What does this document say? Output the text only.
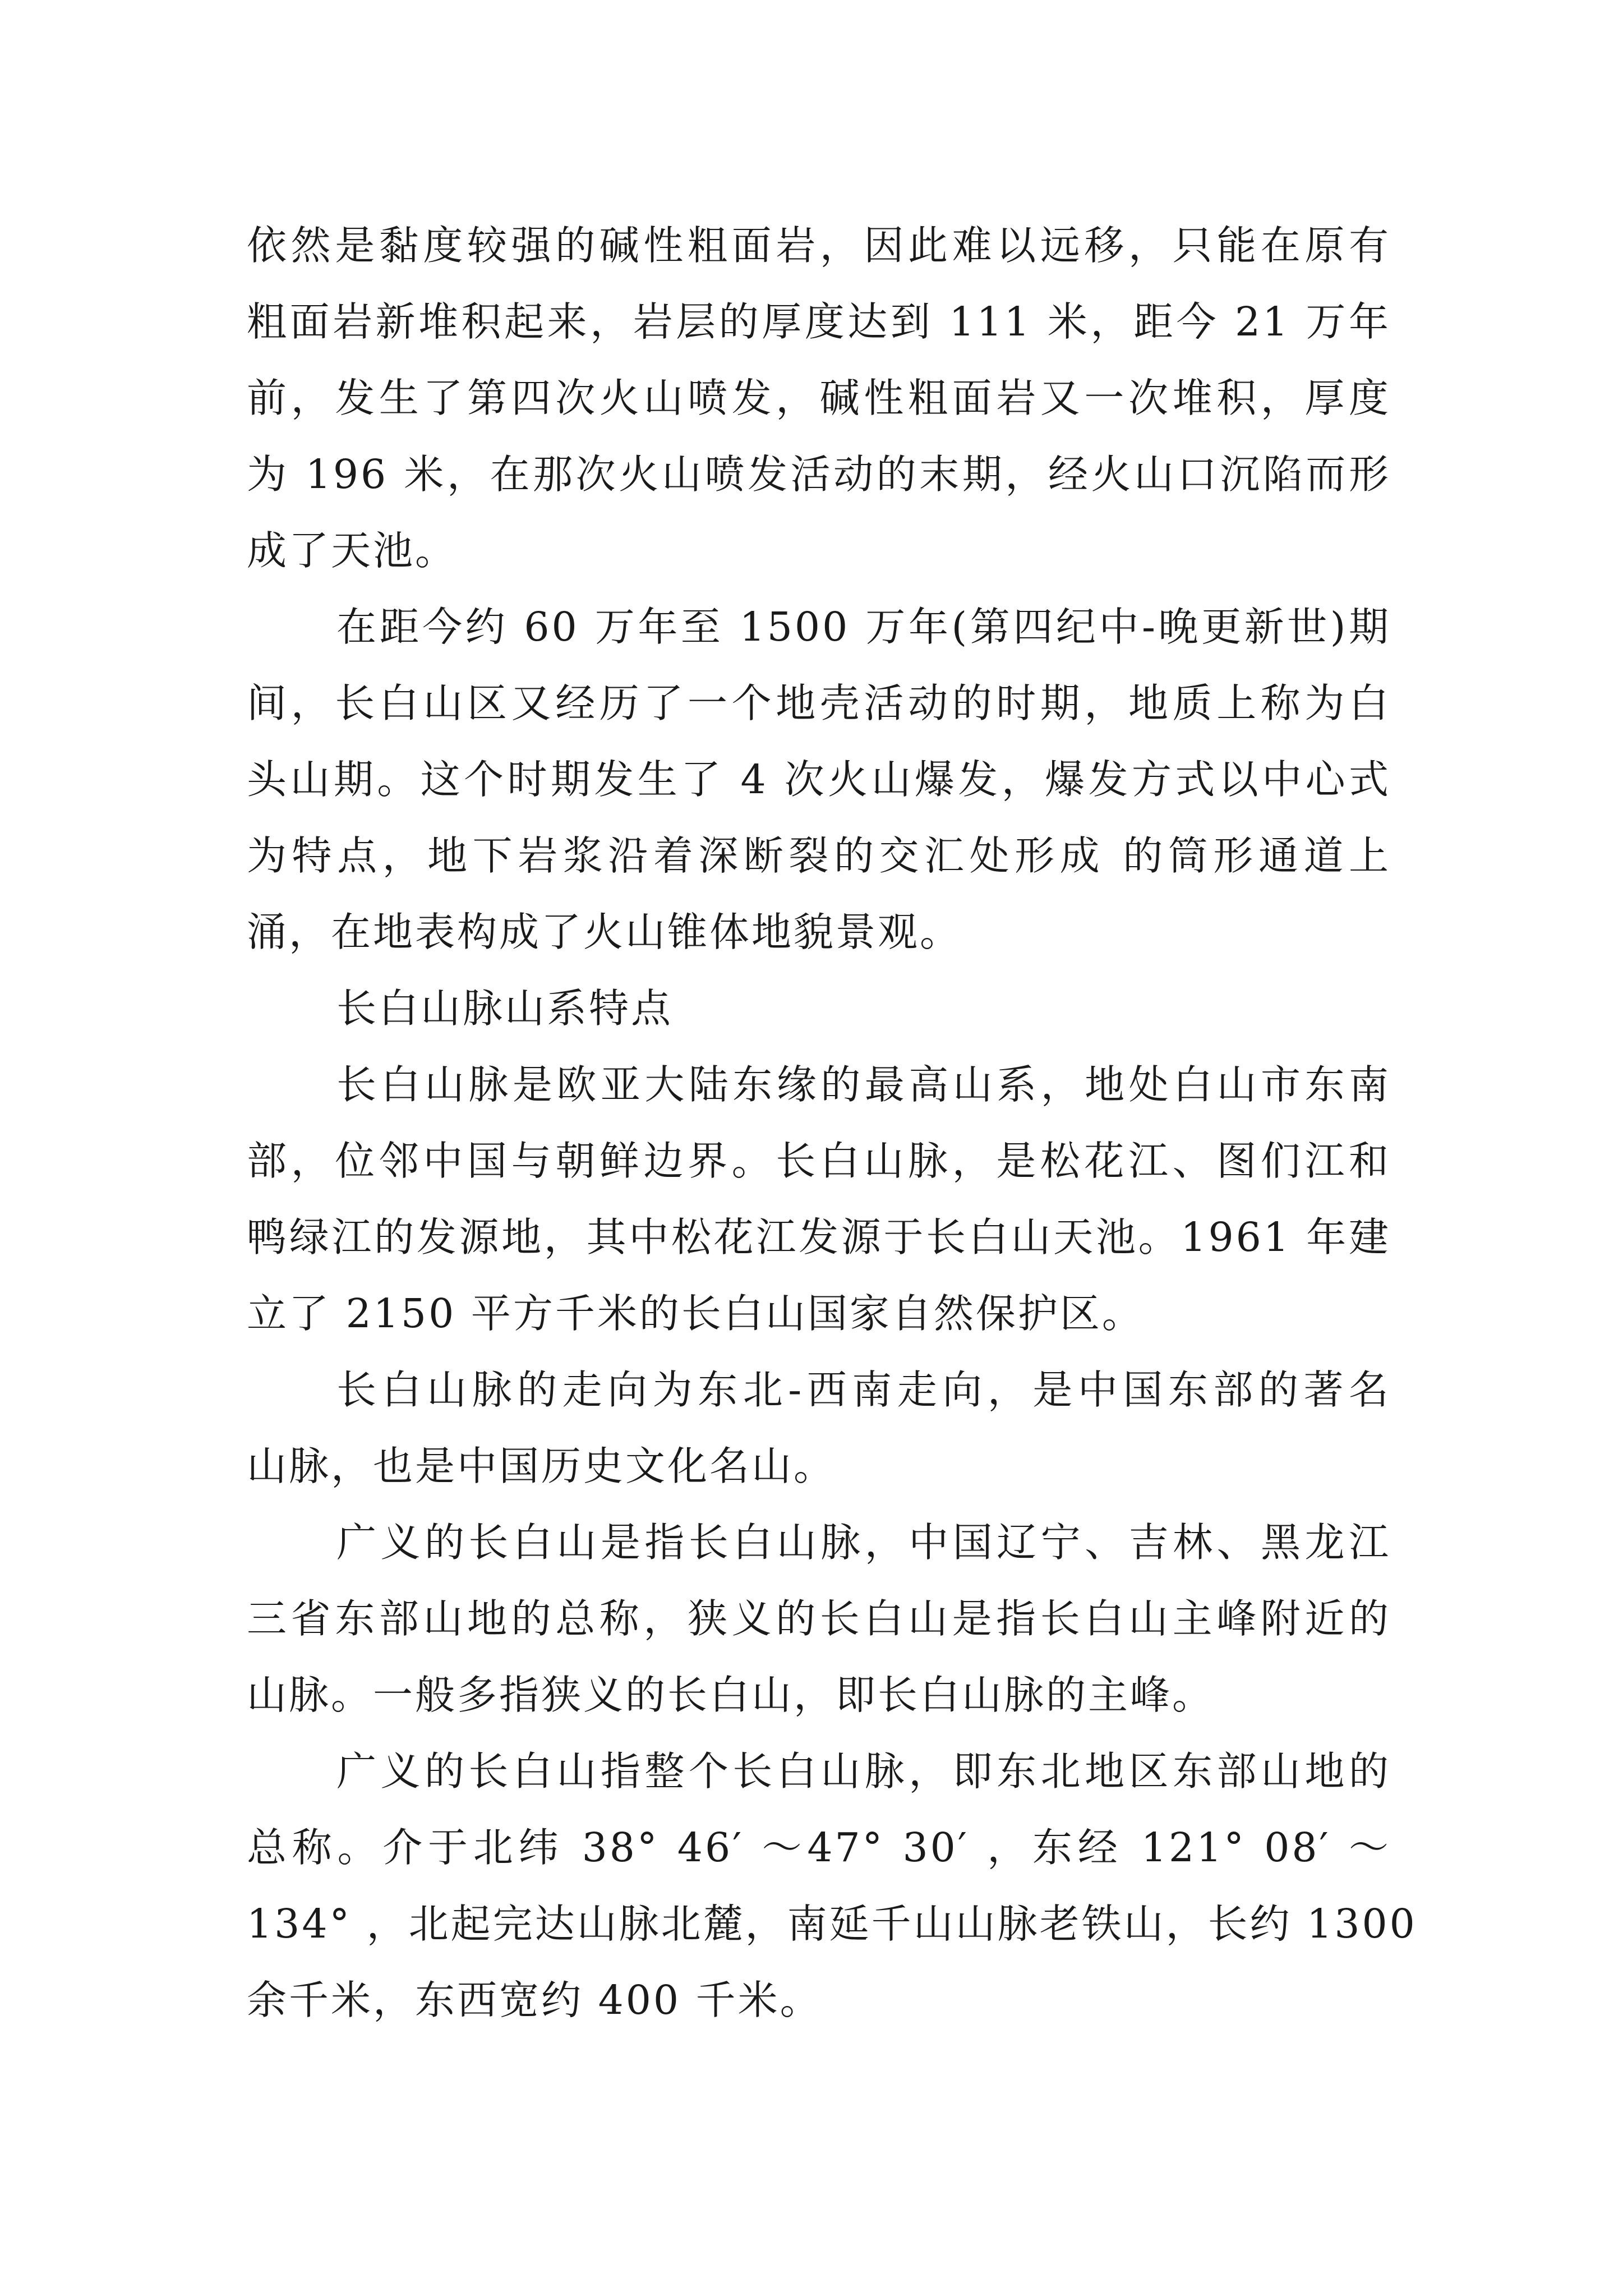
依然是黏度较强的碱性粗面岩，因此难以远移，只能在原有
粗面岩新堆积起来，岩层的厚度达到 111 米，距今 21 万年
前，发生了第四次火山喷发，碱性粗面岩又一次堆积，厚度
为 196 米，在那次火山喷发活动的末期，经火山口沉陷而形
成了天池。
在距今约 60 万年至 1500 万年(第四纪中-晚更新世)期
间，长白山区又经历了一个地壳活动的时期，地质上称为白
头山期。这个时期发生了 4 次火山爆发，爆发方式以中心式
为特点，地下岩浆沿着深断裂的交汇处形成 的筒形通道上
涌，在地表构成了火山锥体地貌景观。
长白山脉山系特点
长白山脉是欧亚大陆东缘的最高山系，地处白山市东南
部，位邻中国与朝鲜边界。长白山脉，是松花江、图们江和
鸭绿江的发源地，其中松花江发源于长白山天池。1961 年建
立了 2150 平方千米的长白山国家自然保护区。
长白山脉的走向为东北-西南走向，是中国东部的著名
山脉，也是中国历史文化名山。
广义的长白山是指长白山脉，中国辽宁、吉林、黑龙江
三省东部山地的总称，狭义的长白山是指长白山主峰附近的
山脉。一般多指狭义的长白山，即长白山脉的主峰。
广义的长白山指整个长白山脉，即东北地区东部山地的
总称。介于北纬 38° 46′ ～47° 30′ ，东经 121° 08′ ～
134° ，北起完达山脉北麓，南延千山山脉老铁山，长约 1300
余千米，东西宽约 400 千米。
